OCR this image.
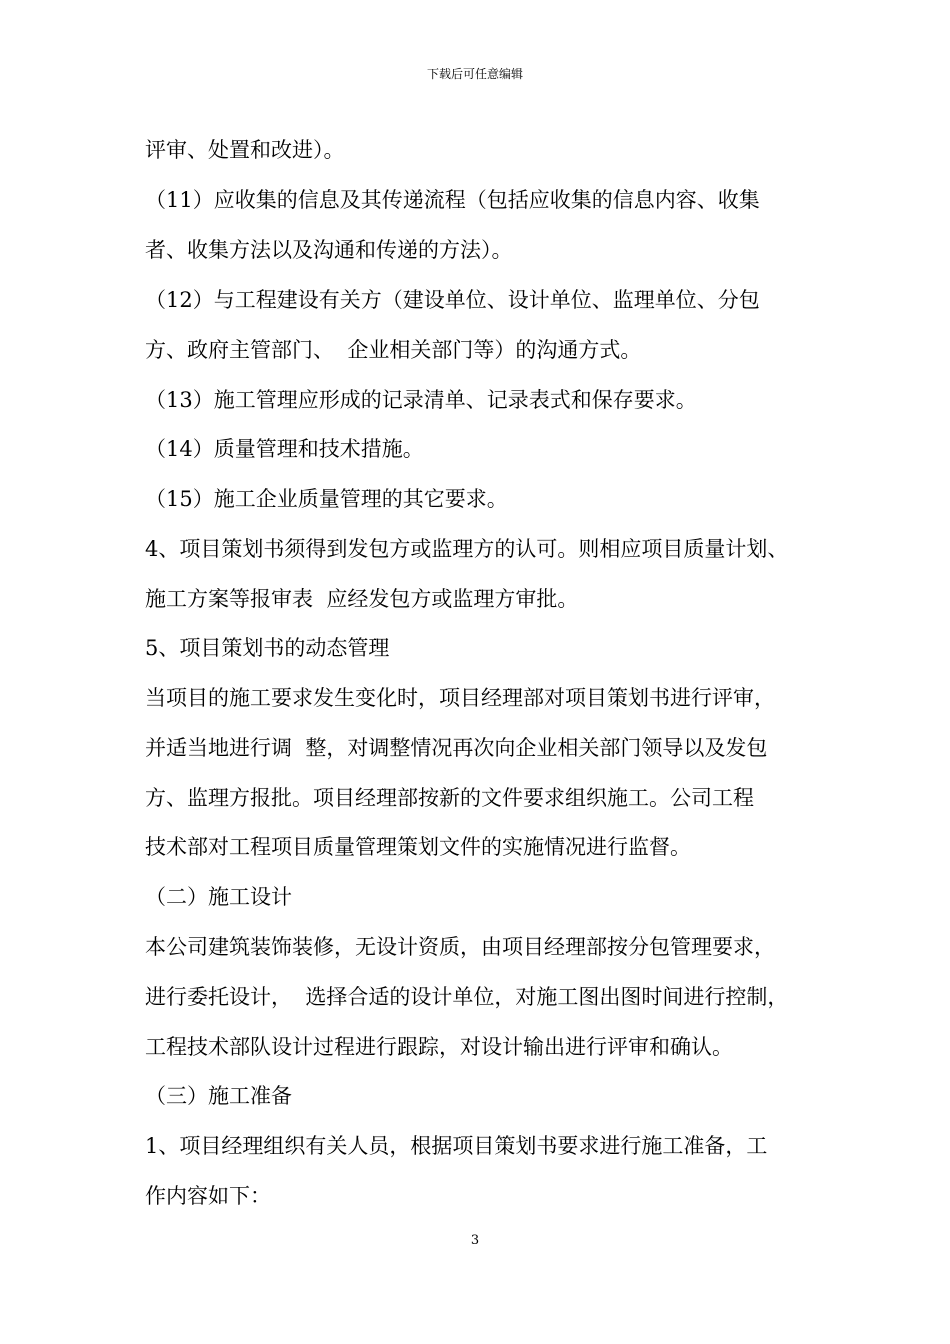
下载后可任意编辑
评审、处置和改进）。
（11）应收集的信息及其传递流程（包括应收集的信息内容、收集
者、收集方法以及沟通和传递的方法）。
（12）与工程建设有关方（建设单位、设计单位、监理单位、分包
方、政府主管部门、  企业相关部门等）的沟通方式。
（13）施工管理应形成的记录清单、记录表式和保存要求。
（14）质量管理和技术措施。
（15）施工企业质量管理的其它要求。
4、项目策划书须得到发包方或监理方的认可。则相应项目质量计划、
施工方案等报审表  应经发包方或监理方审批。
5、项目策划书的动态管理
当项目的施工要求发生变化时，项目经理部对项目策划书进行评审，
并适当地进行调  整，对调整情况再次向企业相关部门领导以及发包
方、监理方报批。项目经理部按新的文件要求组织施工。公司工程
技术部对工程项目质量管理策划文件的实施情况进行监督。
（二）施工设计
本公司建筑装饰装修，无设计资质，由项目经理部按分包管理要求，
进行委托设计，  选择合适的设计单位，对施工图出图时间进行控制，
工程技术部队设计过程进行跟踪，对设计输出进行评审和确认。
（三）施工准备
1、项目经理组织有关人员，根据项目策划书要求进行施工准备，工
作内容如下：
3
